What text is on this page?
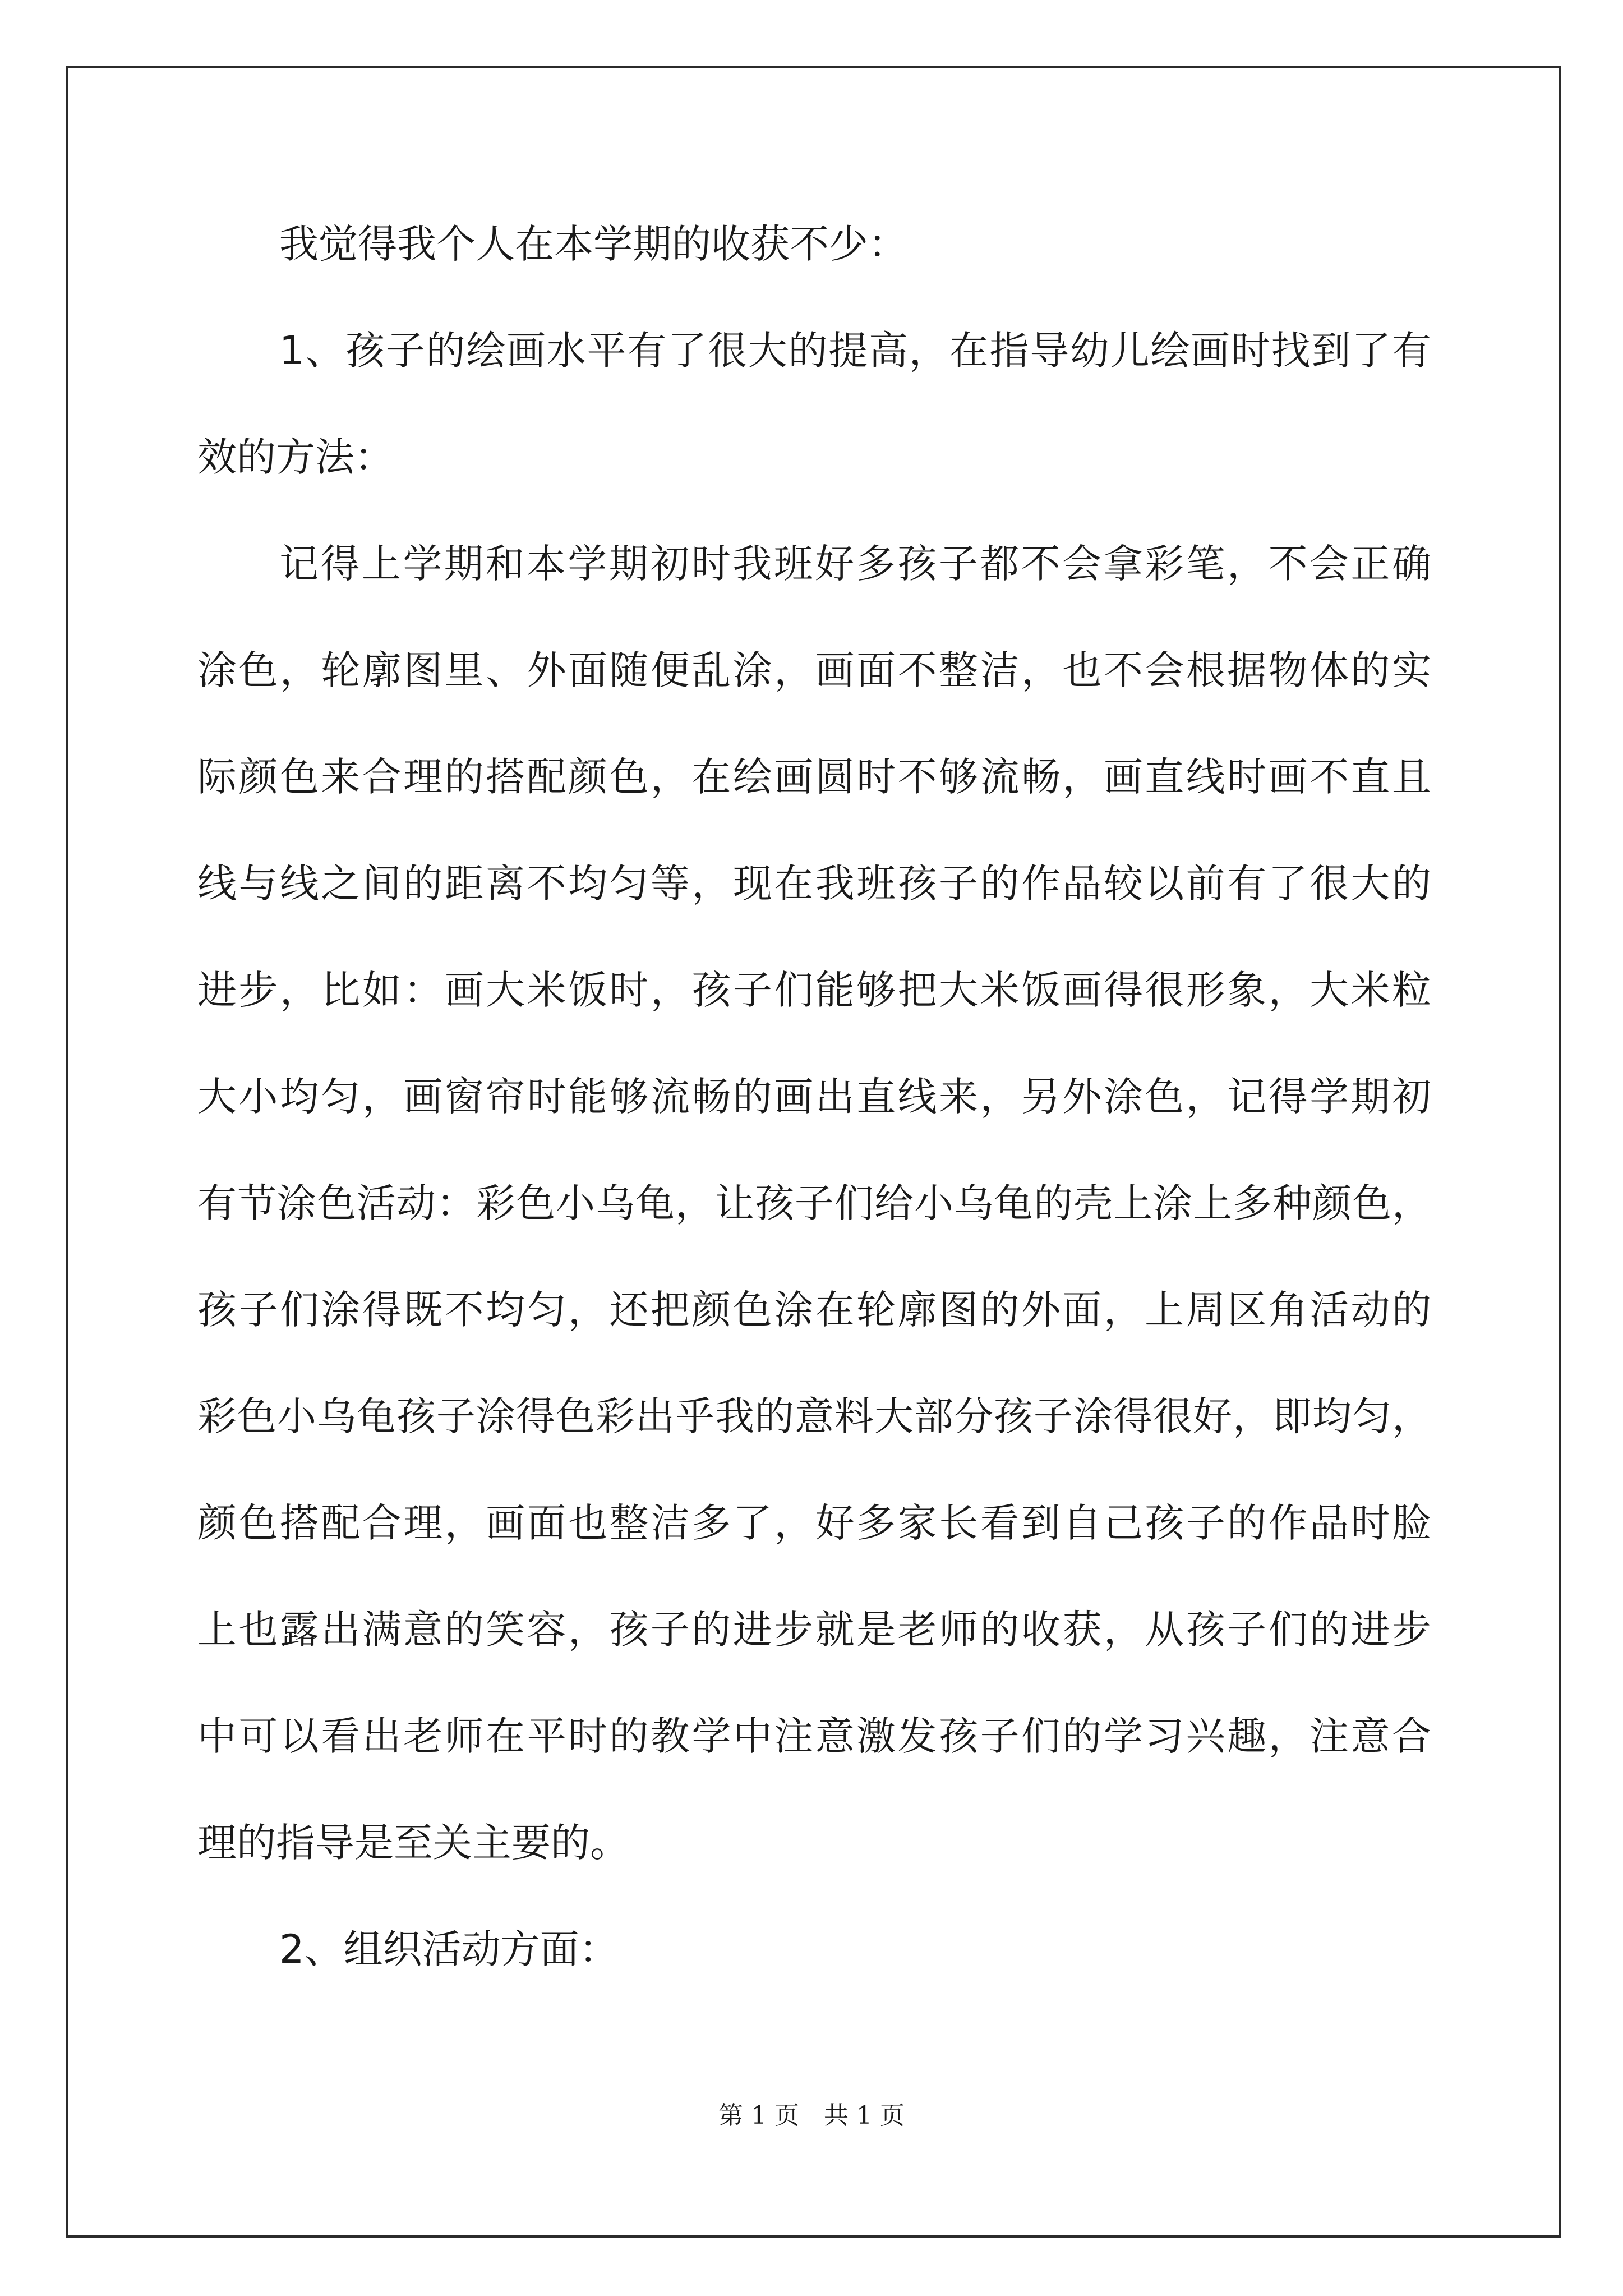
我觉得我个人在本学期的收获不少：
1、孩子的绘画水平有了很大的提高，在指导幼儿绘画时找到了有
效的方法：
记得上学期和本学期初时我班好多孩子都不会拿彩笔，不会正确
涂色，轮廓图里、外面随便乱涂，画面不整洁，也不会根据物体的实
际颜色来合理的搭配颜色，在绘画圆时不够流畅，画直线时画不直且
线与线之间的距离不均匀等，现在我班孩子的作品较以前有了很大的
进步，比如：画大米饭时，孩子们能够把大米饭画得很形象，大米粒
大小均匀，画窗帘时能够流畅的画出直线来，另外涂色，记得学期初
有节涂色活动：彩色小乌龟，让孩子们给小乌龟的壳上涂上多种颜色，
孩子们涂得既不均匀，还把颜色涂在轮廓图的外面，上周区角活动的
彩色小乌龟孩子涂得色彩出乎我的意料大部分孩子涂得很好，即均匀，
颜色搭配合理，画面也整洁多了，好多家长看到自己孩子的作品时脸
上也露出满意的笑容，孩子的进步就是老师的收获，从孩子们的进步
中可以看出老师在平时的教学中注意激发孩子们的学习兴趣，注意合
理的指导是至关主要的。
2、组织活动方面：
第 1 页　共 1 页
